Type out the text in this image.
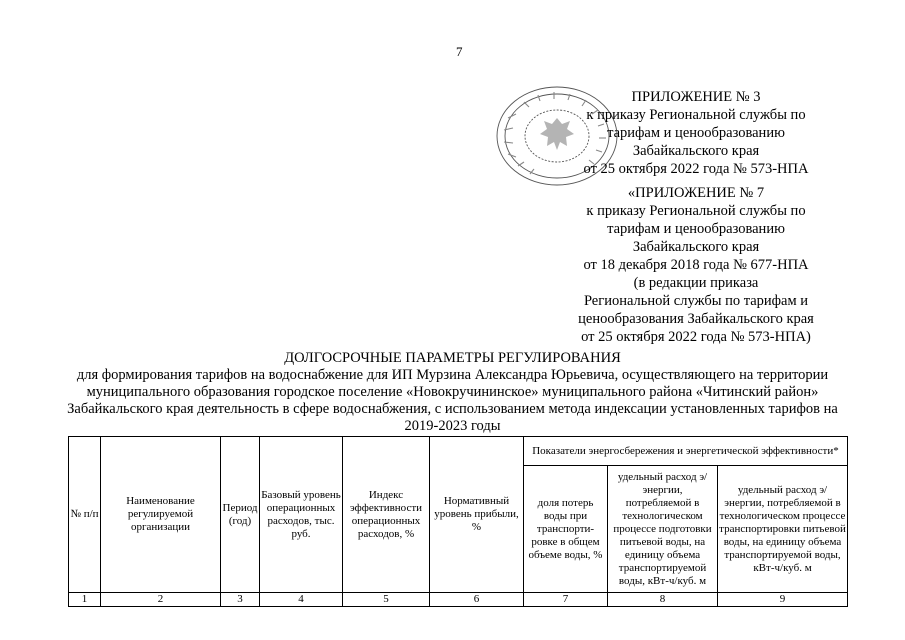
7
ПРИЛОЖЕНИЕ № 3
к приказу Региональной службы по
тарифам и ценообразованию
Забайкальского края
от 25 октября 2022 года № 573-НПА
«ПРИЛОЖЕНИЕ № 7
к приказу Региональной службы по
тарифам и ценообразованию
Забайкальского края
от 18 декабря 2018 года № 677-НПА
(в редакции приказа
Региональной службы по тарифам и
ценообразования Забайкальского края
от 25 октября 2022 года № 573-НПА)
ДОЛГОСРОЧНЫЕ ПАРАМЕТРЫ РЕГУЛИРОВАНИЯ
для формирования тарифов на водоснабжение для ИП Мурзина Александра Юрьевича, осуществляющего на территории
муниципального образования городское поселение «Новокручининское» муниципального района «Читинский район»
Забайкальского края деятельность в сфере водоснабжения, с использованием метода индексации установленных тарифов на
2019-2023 годы
№ п/п	Наименование регулируемой организации	Период (год)	Базовый уровень операционных расходов, тыс. руб.	Индекс эффективности операционных расходов, %	Нормативный уровень прибыли, %	Показатели энергосбережения и энергетической эффективности*		
						доля потерь воды при транспорти-ровке в общем объеме воды, %	удельный расход э/энергии, потребляемой в технологическом процессе подготовки питьевой воды, на единицу объема транспортируемой воды, кВт-ч/куб. м	удельный расход э/энергии, потребляемой в технологическом процессе транспортировки питьевой воды, на единицу объема транспортируемой воды, кВт-ч/куб. м
1	2	3	4	5	6	7	8	9
